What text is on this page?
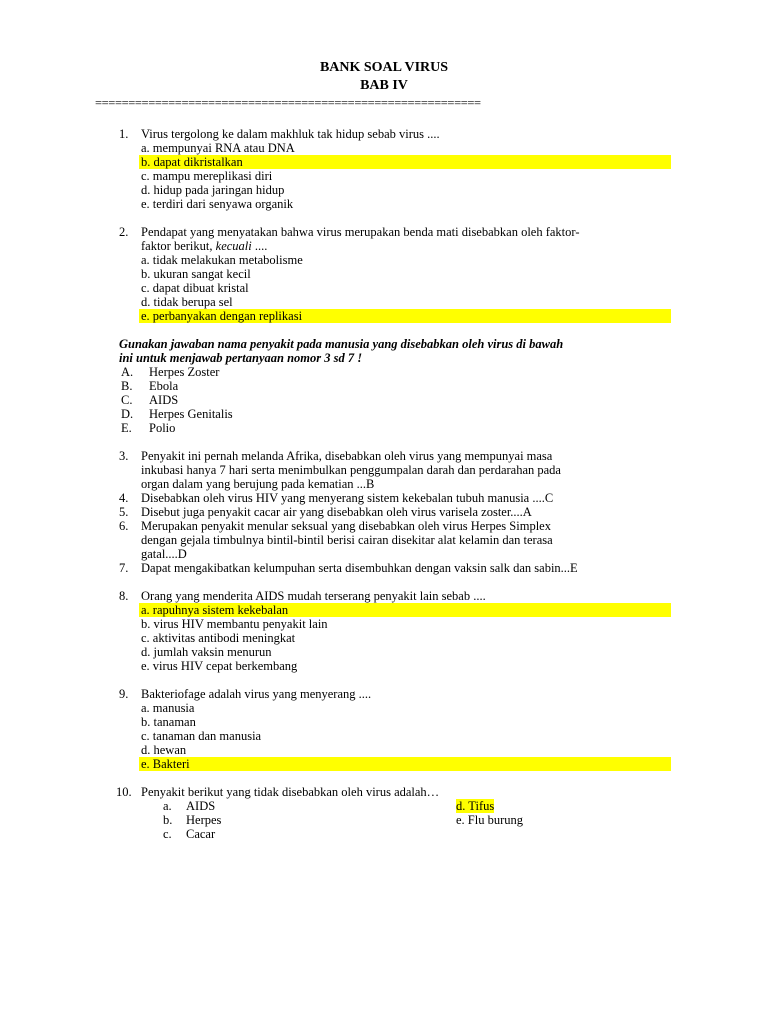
BANK SOAL VIRUS
BAB IV
==========================================================
1. Virus tergolong ke dalam makhluk tak hidup sebab virus ....
a. mempunyai RNA atau DNA
b. dapat dikristalkan
c. mampu mereplikasi diri
d. hidup pada jaringan hidup
e. terdiri dari senyawa organik
2. Pendapat yang menyatakan bahwa virus merupakan benda mati disebabkan oleh faktor-
faktor berikut, kecuali ....
a. tidak melakukan metabolisme
b. ukuran sangat kecil
c. dapat dibuat kristal
d. tidak berupa sel
e. perbanyakan dengan replikasi
Gunakan jawaban nama penyakit pada manusia yang disebabkan oleh virus di bawah
ini untuk menjawab pertanyaan nomor 3 sd 7 !
A. Herpes Zoster
B. Ebola
C. AIDS
D. Herpes Genitalis
E. Polio
3. Penyakit ini pernah melanda Afrika, disebabkan oleh virus yang mempunyai masa
inkubasi hanya 7 hari serta menimbulkan penggumpalan darah dan perdarahan pada
organ dalam yang berujung pada kematian ...B
4. Disebabkan oleh virus HIV yang menyerang sistem kekebalan tubuh manusia ....C
5. Disebut juga penyakit cacar air yang disebabkan oleh virus varisela zoster....A
6. Merupakan penyakit menular seksual yang disebabkan oleh virus Herpes Simplex
dengan gejala timbulnya bintil-bintil berisi cairan disekitar alat kelamin dan terasa
gatal....D
7. Dapat mengakibatkan kelumpuhan serta disembuhkan dengan vaksin salk dan sabin...E
8. Orang yang menderita AIDS mudah terserang penyakit lain sebab ....
a. rapuhnya sistem kekebalan
b. virus HIV membantu penyakit lain
c. aktivitas antibodi meningkat
d. jumlah vaksin menurun
e. virus HIV cepat berkembang
9. Bakteriofage adalah virus yang menyerang ....
a. manusia
b. tanaman
c. tanaman dan manusia
d. hewan
e. Bakteri
10. Penyakit berikut yang tidak disebabkan oleh virus adalah…
a. AIDS
b. Herpes
c. Cacar
d. Tifus
e. Flu burung
